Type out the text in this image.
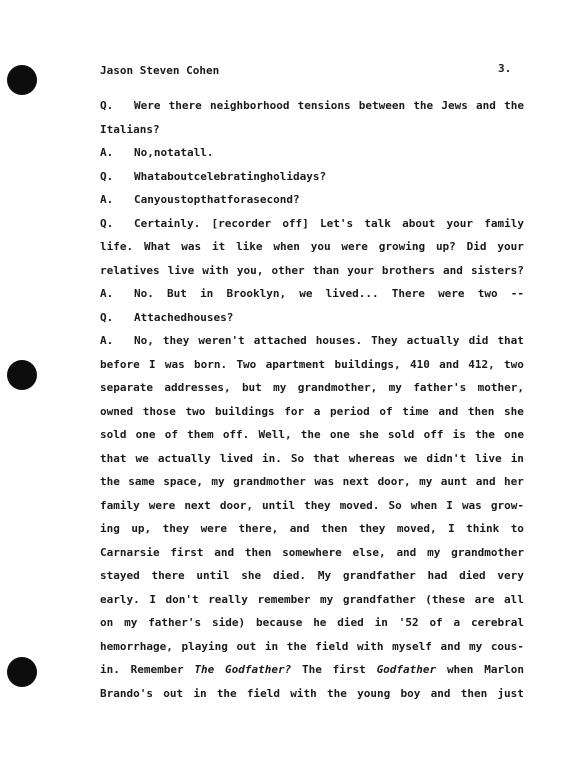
Jason Steven Cohen	3.
Q.	Were there neighborhood tensions between the Jews and the
Italians?
A.	No, not at all.
Q.	What about celebrating holidays?
A.	Can you stop that for a second?
Q.	Certainly. [recorder off] Let's talk about your family
life. What was it like when you were growing up? Did your
relatives live with you, other than your brothers and sisters?
A.	No. But in Brooklyn, we lived... There were two --
Q.	Attached houses?
A.	No, they weren't attached houses. They actually did that
before I was born. Two apartment buildings, 410 and 412, two
separate addresses, but my grandmother, my father's mother,
owned those two buildings for a period of time and then she
sold one of them off. Well, the one she sold off is the one
that we actually lived in. So that whereas we didn't live in
the same space, my grandmother was next door, my aunt and her
family were next door, until they moved. So when I was grow-
ing up, they were there, and then they moved, I think to
Carnarsie first and then somewhere else, and my grandmother
stayed there until she died. My grandfather had died very
early. I don't really remember my grandfather (these are all
on my father's side) because he died in '52 of a cerebral
hemorrhage, playing out in the field with myself and my cous-
in. Remember The Godfather? The first Godfather when Marlon
Brando's out in the field with the young boy and then just
